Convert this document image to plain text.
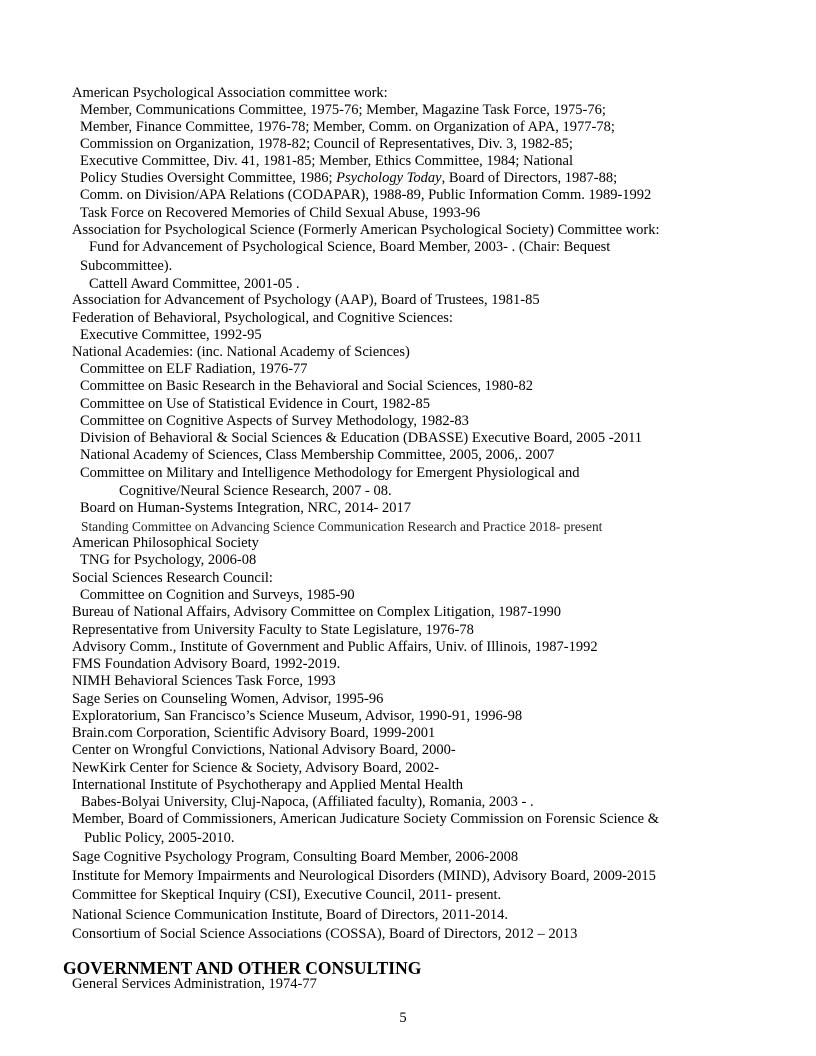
American Psychological Association committee work:
Member, Communications Committee, 1975-76; Member, Magazine Task Force, 1975-76;
Member, Finance Committee, 1976-78; Member, Comm. on Organization of APA, 1977-78;
Commission on Organization, 1978-82; Council of Representatives, Div. 3, 1982-85;
Executive Committee, Div. 41, 1981-85; Member, Ethics Committee, 1984; National
Policy Studies Oversight Committee, 1986; Psychology Today, Board of Directors, 1987-88;
Comm. on Division/APA Relations (CODAPAR), 1988-89, Public Information Comm. 1989-1992
Task Force on Recovered Memories of Child Sexual Abuse, 1993-96
Association for Psychological Science (Formerly American Psychological Society) Committee work:
Fund for Advancement of Psychological Science, Board Member, 2003- . (Chair: Bequest
Subcommittee).
Cattell Award Committee, 2001-05 .
Association for Advancement of Psychology (AAP), Board of Trustees, 1981-85
Federation of Behavioral, Psychological, and Cognitive Sciences:
Executive Committee, 1992-95
National Academies: (inc. National Academy of Sciences)
Committee on ELF Radiation, 1976-77
Committee on Basic Research in the Behavioral and Social Sciences, 1980-82
Committee on Use of Statistical Evidence in Court, 1982-85
Committee on Cognitive Aspects of Survey Methodology, 1982-83
Division of Behavioral & Social Sciences & Education (DBASSE) Executive Board, 2005 -2011
National Academy of Sciences, Class Membership Committee, 2005, 2006,. 2007
Committee on Military and Intelligence Methodology for Emergent Physiological and
Cognitive/Neural Science Research, 2007 - 08.
Board on Human-Systems Integration, NRC, 2014- 2017
Standing Committee on Advancing Science Communication Research and Practice 2018- present
American Philosophical Society
TNG for Psychology, 2006-08
Social Sciences Research Council:
Committee on Cognition and Surveys, 1985-90
Bureau of National Affairs, Advisory Committee on Complex Litigation, 1987-1990
Representative from University Faculty to State Legislature, 1976-78
Advisory Comm., Institute of Government and Public Affairs, Univ. of Illinois, 1987-1992
FMS Foundation Advisory Board, 1992-2019.
NIMH Behavioral Sciences Task Force, 1993
Sage Series on Counseling Women, Advisor, 1995-96
Exploratorium, San Francisco’s Science Museum, Advisor, 1990-91, 1996-98
Brain.com Corporation, Scientific Advisory Board, 1999-2001
Center on Wrongful Convictions, National Advisory Board, 2000-
NewKirk Center for Science & Society, Advisory Board, 2002-
International Institute of Psychotherapy and Applied Mental Health
Babes-Bolyai University, Cluj-Napoca, (Affiliated faculty), Romania, 2003 - .
Member, Board of Commissioners, American Judicature Society Commission on Forensic Science &
Public Policy, 2005-2010.
Sage Cognitive Psychology Program, Consulting Board Member, 2006-2008
Institute for Memory Impairments and Neurological Disorders (MIND), Advisory Board, 2009-2015
Committee for Skeptical Inquiry (CSI), Executive Council, 2011- present.
National Science Communication Institute, Board of Directors, 2011-2014.
Consortium of Social Science Associations (COSSA), Board of Directors, 2012 – 2013
GOVERNMENT AND OTHER CONSULTING
General Services Administration, 1974-77
5
